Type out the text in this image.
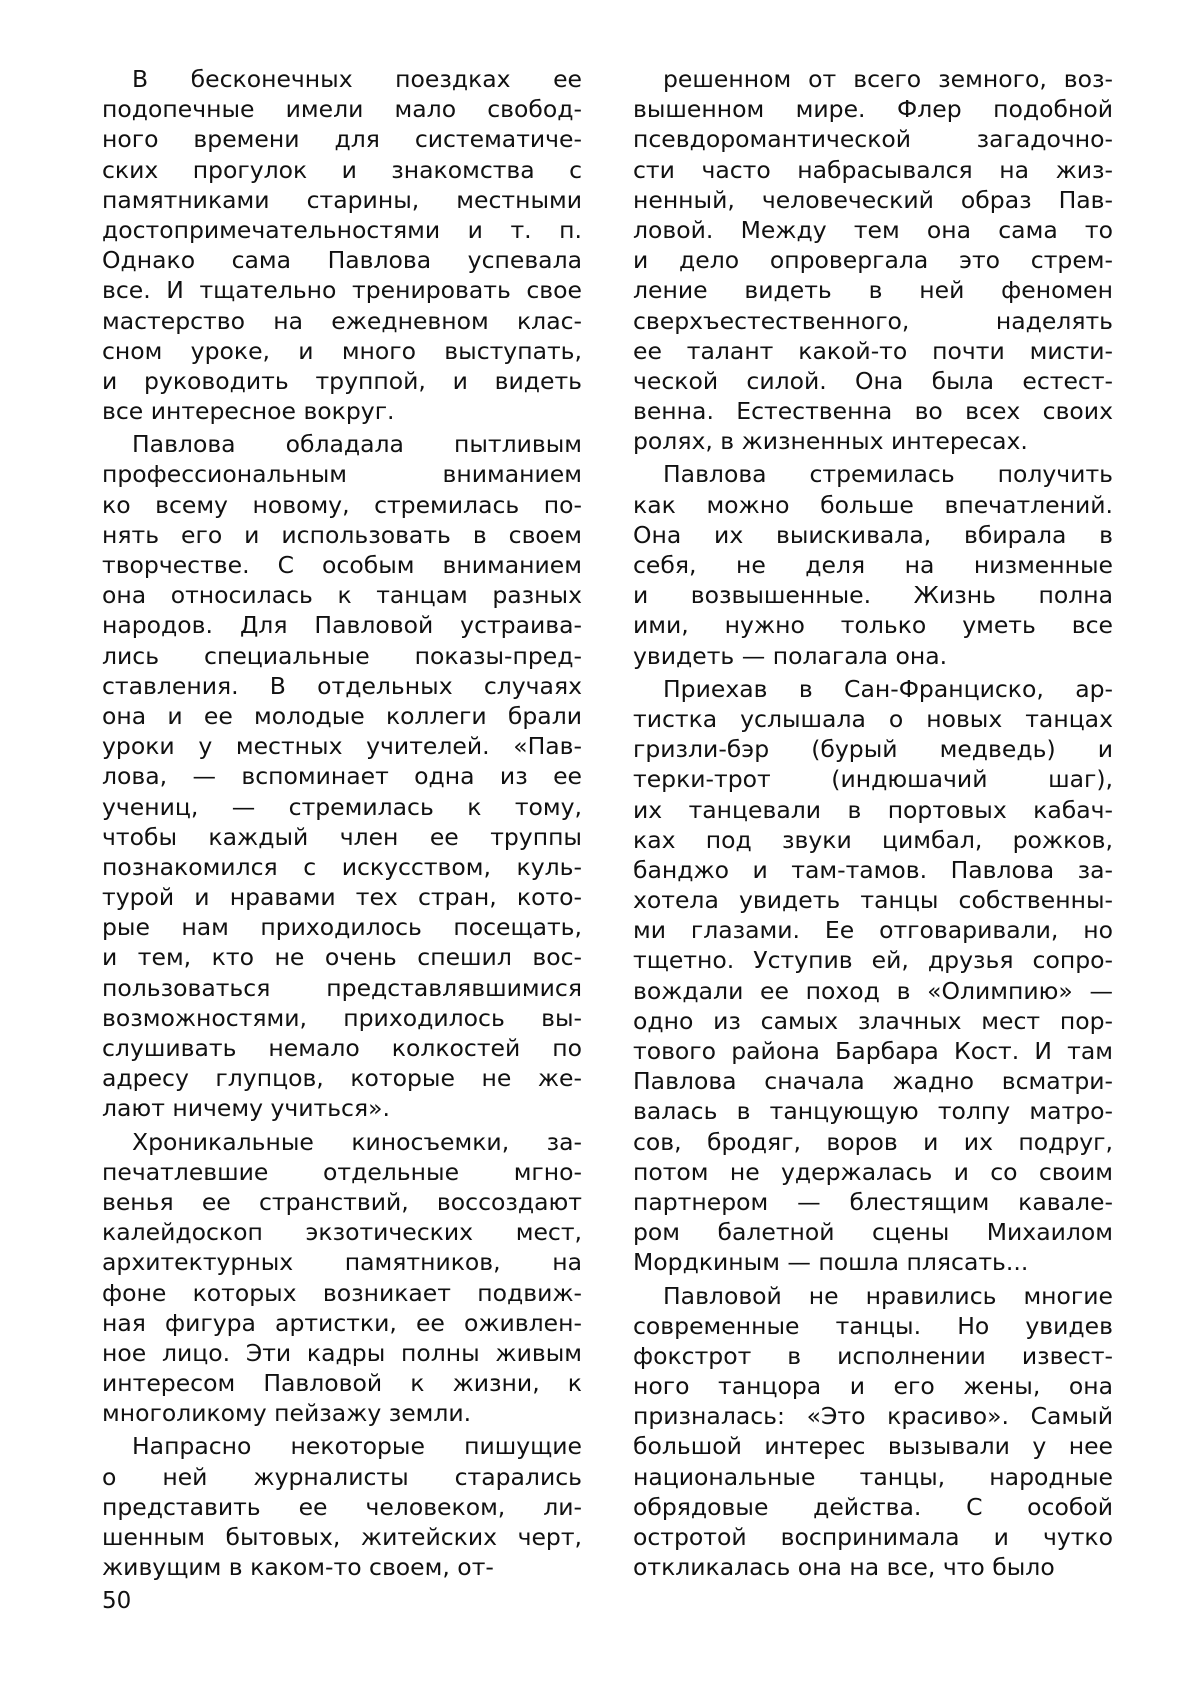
В бесконечных поездках ее
подопечные имели мало свобод-
ного времени для систематиче-
ских прогулок и знакомства с
памятниками старины, местными
достопримечательностями и т. п.
Однако сама Павлова успевала
все. И тщательно тренировать свое
мастерство на ежедневном клас-
сном уроке, и много выступать,
и руководить труппой, и видеть
все интересное вокруг.
Павлова обладала пытливым
профессиональным вниманием
ко всему новому, стремилась по-
нять его и использовать в своем
творчестве. С особым вниманием
она относилась к танцам разных
народов. Для Павловой устраива-
лись специальные показы-пред-
ставления. В отдельных случаях
она и ее молодые коллеги брали
уроки у местных учителей. «Пав-
лова, — вспоминает одна из ее
учениц, — стремилась к тому,
чтобы каждый член ее труппы
познакомился с искусством, куль-
турой и нравами тех стран, кото-
рые нам приходилось посещать,
и тем, кто не очень спешил вос-
пользоваться представлявшимися
возможностями, приходилось вы-
слушивать немало колкостей по
адресу глупцов, которые не же-
лают ничему учиться».
Хроникальные киносъемки, за-
печатлевшие отдельные мгно-
венья ее странствий, воссоздают
калейдоскоп экзотических мест,
архитектурных памятников, на
фоне которых возникает подвиж-
ная фигура артистки, ее оживлен-
ное лицо. Эти кадры полны живым
интересом Павловой к жизни, к
многоликому пейзажу земли.
Напрасно некоторые пишущие
о ней журналисты старались
представить ее человеком, ли-
шенным бытовых, житейских черт,
живущим в каком-то своем, от-
решенном от всего земного, воз-
вышенном мире. Флер подобной
псевдоромантической загадочно-
сти часто набрасывался на жиз-
ненный, человеческий образ Пав-
ловой. Между тем она сама то
и дело опровергала это стрем-
ление видеть в ней феномен
сверхъестественного, наделять
ее талант какой-то почти мисти-
ческой силой. Она была естест-
венна. Естественна во всех своих
ролях, в жизненных интересах.
Павлова стремилась получить
как можно больше впечатлений.
Она их выискивала, вбирала в
себя, не деля на низменные
и возвышенные. Жизнь полна
ими, нужно только уметь все
увидеть — полагала она.
Приехав в Сан-Франциско, ар-
тистка услышала о новых танцах
гризли-бэр (бурый медведь) и
терки-трот (индюшачий шаг),
их танцевали в портовых кабач-
ках под звуки цимбал, рожков,
банджо и там-тамов. Павлова за-
хотела увидеть танцы собственны-
ми глазами. Ее отговаривали, но
тщетно. Уступив ей, друзья сопро-
вождали ее поход в «Олимпию» —
одно из самых злачных мест пор-
тового района Барбара Кост. И там
Павлова сначала жадно всматри-
валась в танцующую толпу матро-
сов, бродяг, воров и их подруг,
потом не удержалась и со своим
партнером — блестящим кавале-
ром балетной сцены Михаилом
Мордкиным — пошла плясать...
Павловой не нравились многие
современные танцы. Но увидев
фокстрот в исполнении извест-
ного танцора и его жены, она
призналась: «Это красиво». Самый
большой интерес вызывали у нее
национальные танцы, народные
обрядовые действа. С особой
остротой воспринимала и чутко
откликалась она на все, что было
50
